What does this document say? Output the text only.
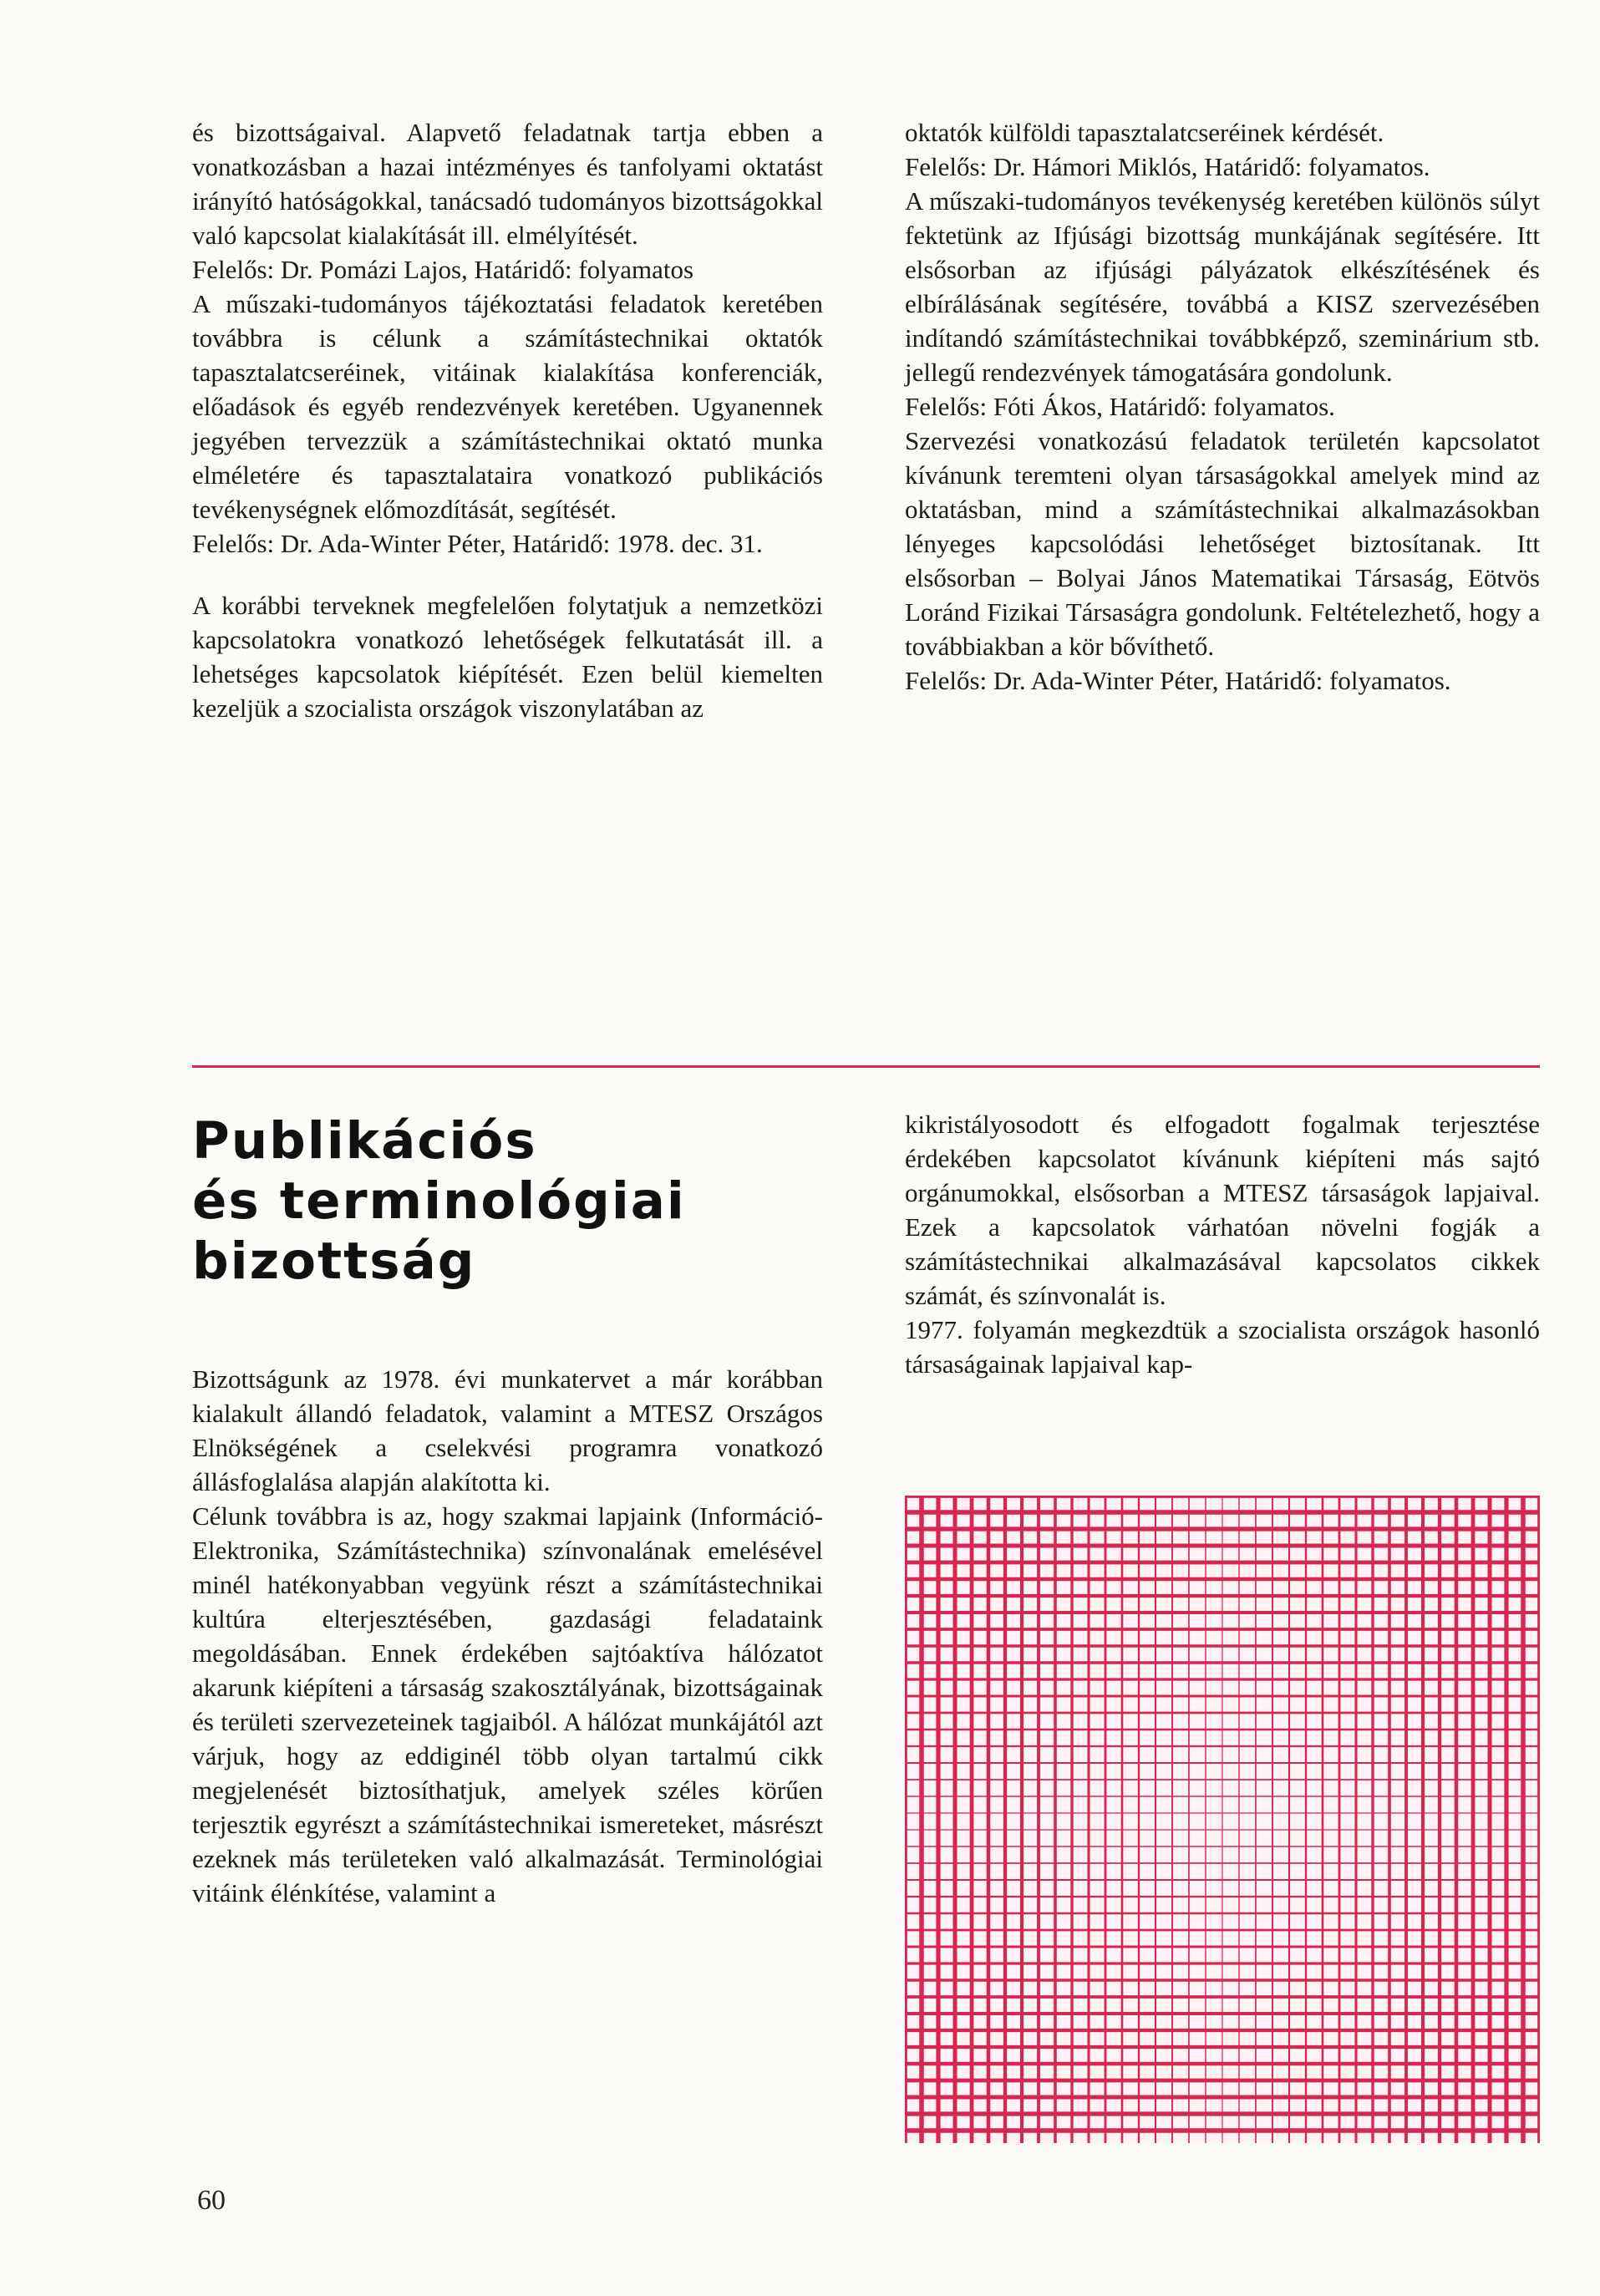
és bizottságaival. Alapvető feladatnak tartja ebben a vonatkozásban a hazai intézményes és tanfolyami oktatást irányító hatóságokkal, tanácsadó tudományos bizottságokkal való kapcsolat kialakítását ill. elmélyítését.

Felelős: Dr. Pomázi Lajos, Határidő: folyamatos

A műszaki-tudományos tájékoztatási feladatok keretében továbbra is célunk a számítástechnikai oktatók tapasztalatcseréinek, vitáinak kialakítása konferenciák, előadások és egyéb rendezvények keretében. Ugyanennek jegyében tervezzük a számítástechnikai oktató munka elméletére és tapasztalataira vonatkozó publikációs tevékenységnek előmozdítását, segítését.

Felelős: Dr. Ada-Winter Péter, Határidő: 1978. dec. 31.

A korábbi terveknek megfelelően folytatjuk a nemzetközi kapcsolatokra vonatkozó lehetőségek felkutatását ill. a lehetséges kapcsolatok kiépítését. Ezen belül kiemelten kezeljük a szocialista országok viszonylatában az

oktatók külföldi tapasztalatcseréinek kérdését.

Felelős: Dr. Hámori Miklós, Határidő: folyamatos.

A műszaki-tudományos tevékenység keretében különös súlyt fektetünk az Ifjúsági bizottság munkájának segítésére. Itt elsősorban az ifjúsági pályázatok elkészítésének és elbírálásának segítésére, továbbá a KISZ szervezésében indítandó számítástechnikai továbbképző, szeminárium stb. jellegű rendezvények támogatására gondolunk.

Felelős: Fóti Ákos, Határidő: folyamatos.

Szervezési vonatkozású feladatok területén kapcsolatot kívánunk teremteni olyan társaságokkal amelyek mind az oktatásban, mind a számítástechnikai alkalmazásokban lényeges kapcsolódási lehetőséget biztosítanak. Itt elsősorban – Bolyai János Matematikai Társaság, Eötvös Loránd Fizikai Társaságra gondolunk. Feltételezhető, hogy a továbbiakban a kör bővíthető.

Felelős: Dr. Ada-Winter Péter, Határidő: folyamatos.

Publikációs
és terminológiai
bizottság

Bizottságunk az 1978. évi munkatervet a már korábban kialakult állandó feladatok, valamint a MTESZ Országos Elnökségének a cselekvési programra vonatkozó állásfoglalása alapján alakította ki.

Célunk továbbra is az, hogy szakmai lapjaink (Információ-Elektronika, Számítástechnika) színvonalának emelésével minél hatékonyabban vegyünk részt a számítástechnikai kultúra elterjesztésében, gazdasági feladataink megoldásában. Ennek érdekében sajtóaktíva hálózatot akarunk kiépíteni a társaság szakosztályának, bizottságainak és területi szervezeteinek tagjaiból. A hálózat munkájától azt várjuk, hogy az eddiginél több olyan tartalmú cikk megjelenését biztosíthatjuk, amelyek széles körűen terjesztik egyrészt a számítástechnikai ismereteket, másrészt ezeknek más területeken való alkalmazását. Terminológiai vitáink élénkítése, valamint a

kikristályosodott és elfogadott fogalmak terjesztése érdekében kapcsolatot kívánunk kiépíteni más sajtó orgánumokkal, elsősorban a MTESZ társaságok lapjaival. Ezek a kapcsolatok várhatóan növelni fogják a számítástechnikai alkalmazásával kapcsolatos cikkek számát, és színvonalát is.

1977. folyamán megkezdtük a szocialista országok hasonló társaságainak lapjaival kap-

60
